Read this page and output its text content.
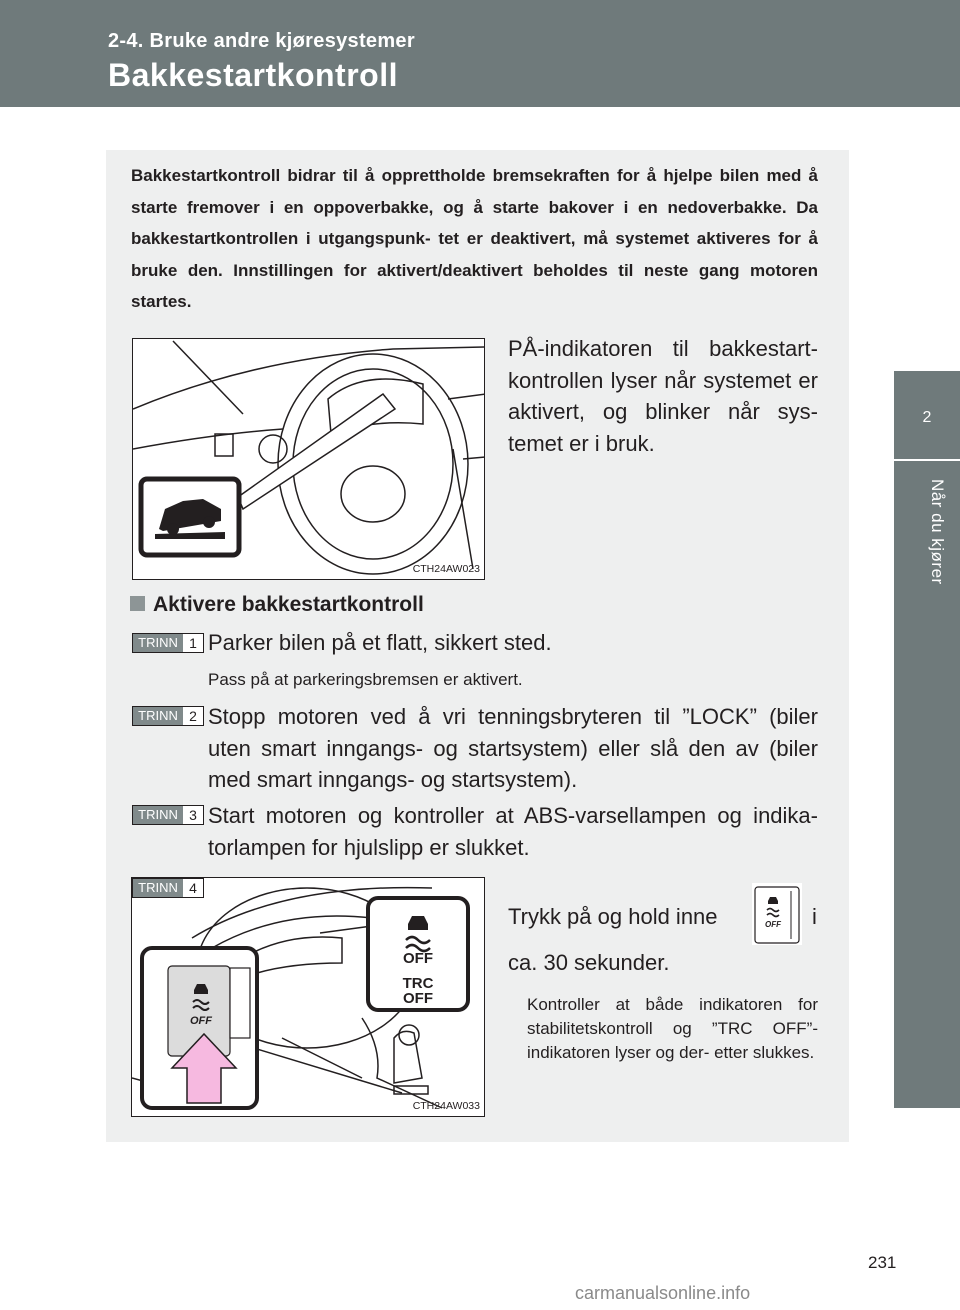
2-4. Bruke andre kjøresystemer
Bakkestartkontroll
2
Når du kjører
Bakkestartkontroll bidrar til å opprettholde bremsekraften for å hjelpe bilen med å starte fremover i en oppoverbakke, og å starte bakover i en nedoverbakke. Da bakkestartkontrollen i utgangspunk- tet er deaktivert, må systemet aktiveres for å bruke den. Innstillingen for aktivert/deaktivert beholdes til neste gang motoren startes.
CTH24AW023
PÅ-indikatoren til bakkestart- kontrollen lyser når systemet er aktivert, og blinker når sys- temet er i bruk.
Aktivere bakkestartkontroll
TRINN 1 Parker bilen på et flatt, sikkert sted.
Pass på at parkeringsbremsen er aktivert.
TRINN 2 Stopp motoren ved å vri tenningsbryteren til ”LOCK” (biler uten smart inngangs- og startsystem) eller slå den av (biler med smart inngangs- og startsystem).
TRINN 3 Start motoren og kontroller at ABS-varsellampen og indika- torlampen for hjulslipp er slukket.
OFF
TRC
OFF
OFF
TRINN 4
CTH24AW033
Trykk på og hold inne	OFF i
ca. 30 sekunder.
Kontroller at både indikatoren for stabilitetskontroll og ”TRC OFF”-indikatoren lyser og der- etter slukkes.
231
carmanualsonline.info
